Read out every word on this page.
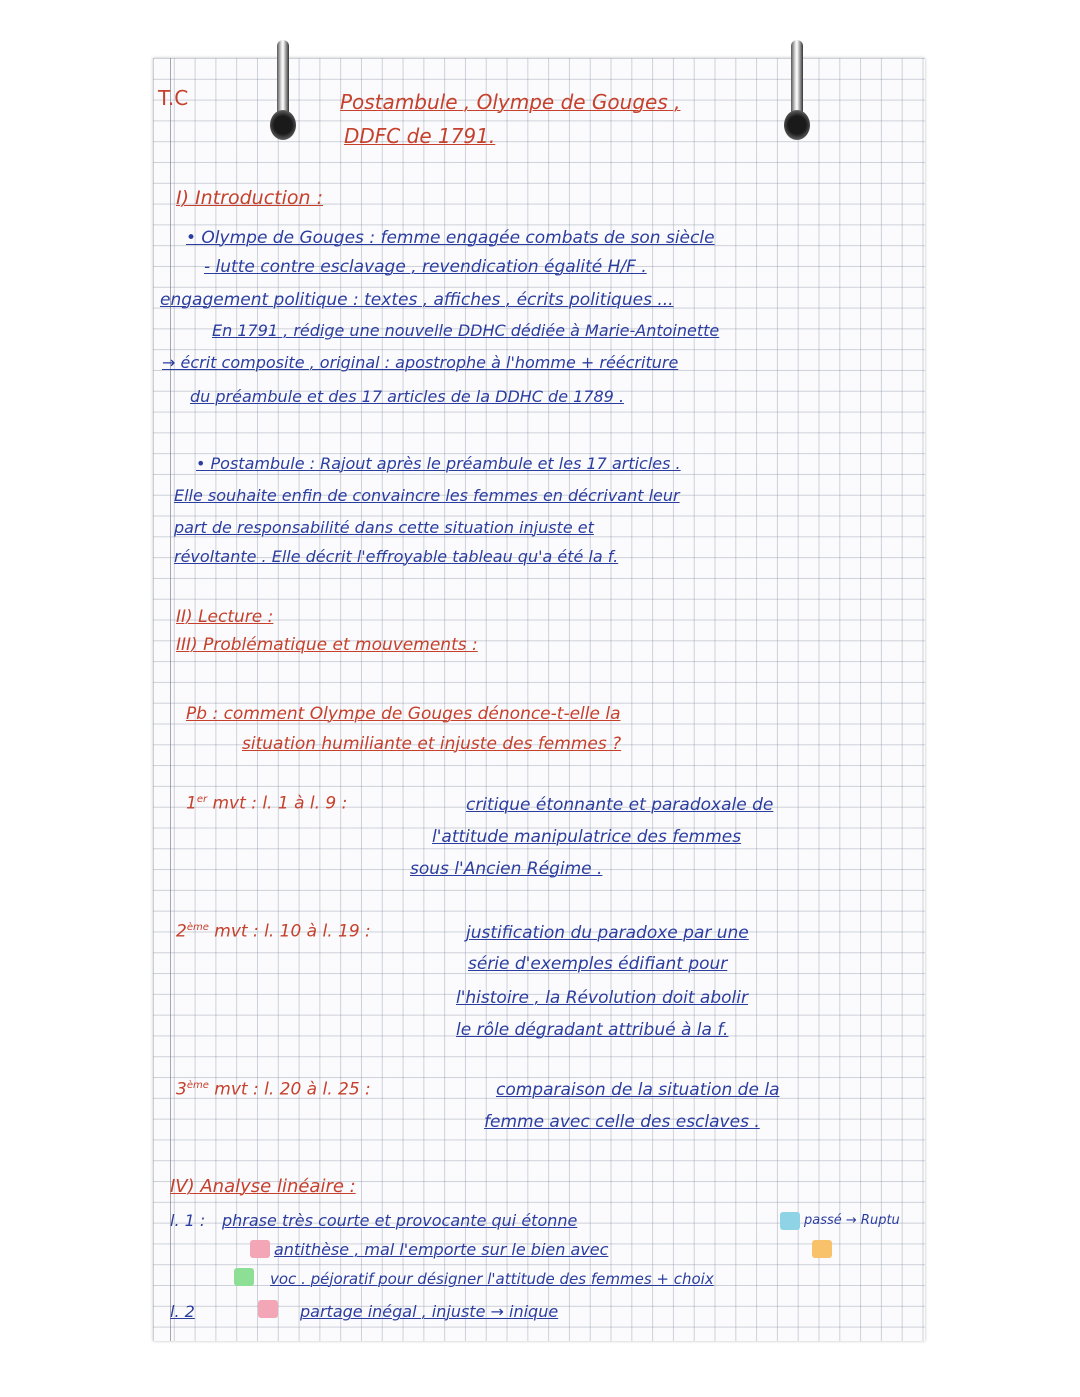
T.C	Postambule , Olympe de Gouges ,
DDFC de 1791.
I) Introduction :
• Olympe de Gouges : femme engagée combats de son siècle
- lutte contre esclavage , revendication égalité H/F .
engagement politique : textes , affiches , écrits politiques ...
En 1791 , rédige une nouvelle DDHC dédiée à Marie-Antoinette
→ écrit composite , original : apostrophe à l'homme + réécriture
du préambule et des 17 articles de la DDHC de 1789 .
• Postambule : Rajout après le préambule et les 17 articles .
Elle souhaite enfin de convaincre les femmes en décrivant leur
part de responsabilité dans cette situation injuste et
révoltante . Elle décrit l'effroyable tableau qu'a été la f.
II) Lecture :
III) Problématique et mouvements :
Pb : comment Olympe de Gouges dénonce-t-elle la
situation humiliante et injuste des femmes ?
1er mvt : l. 1 à l. 9 :	critique étonnante et paradoxale de
l'attitude manipulatrice des femmes
sous l'Ancien Régime .
2ème mvt : l. 10 à l. 19 :	justification du paradoxe par une
série d'exemples édifiant pour
l'histoire , la Révolution doit abolir
le rôle dégradant attribué à la f.
3ème mvt : l. 20 à l. 25 :	comparaison de la situation de la
femme avec celle des esclaves .
IV) Analyse linéaire :
l. 1 : phrase très courte et provocante qui étonne	passé → Ruptu
antithèse , mal l'emporte sur le bien avec
voc . péjoratif pour désigner l'attitude des femmes + choix
l. 2	partage inégal , injuste → inique
